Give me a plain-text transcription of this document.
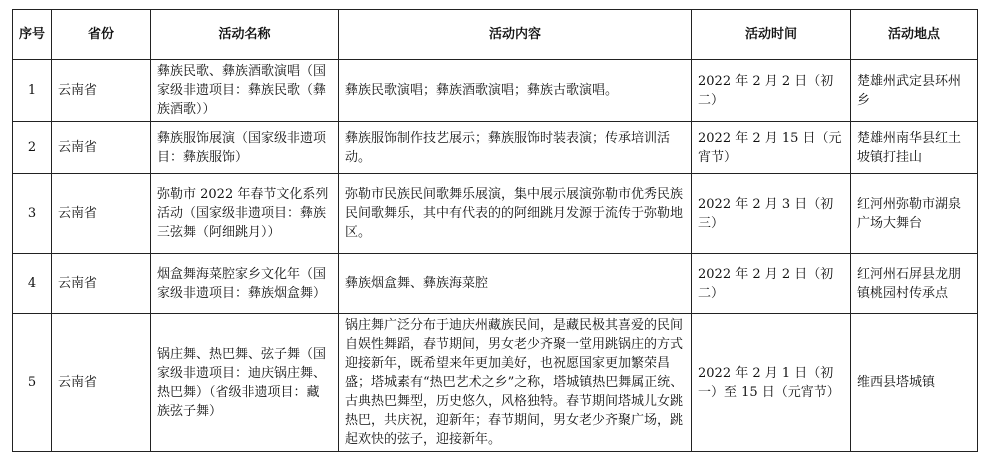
序号	省份	活动名称	活动内容	活动时间	活动地点
1	云南省	彝族民歌、彝族酒歌演唱（国家级非遗项目：彝族民歌（彝族酒歌））	彝族民歌演唱；彝族酒歌演唱；彝族古歌演唱。	2022 年 2 月 2 日（初二）	楚雄州武定县环州乡
2	云南省	彝族服饰展演（国家级非遗项目：彝族服饰）	彝族服饰制作技艺展示；彝族服饰时装表演；传承培训活动。	2022 年 2 月 15 日（元宵节）	楚雄州南华县红土坡镇打挂山
3	云南省	弥勒市 2022 年春节文化系列活动（国家级非遗项目：彝族三弦舞（阿细跳月））	弥勒市民族民间歌舞乐展演，集中展示展演弥勒市优秀民族民间歌舞乐，其中有代表的的阿细跳月发源于流传于弥勒地区。	2022 年 2 月 3 日（初三）	红河州弥勒市湖泉广场大舞台
4	云南省	烟盒舞海菜腔家乡文化年（国家级非遗项目：彝族烟盒舞）	彝族烟盒舞、彝族海菜腔	2022 年 2 月 2 日（初二）	红河州石屏县龙朋镇桃园村传承点
5	云南省	锅庄舞、热巴舞、弦子舞（国家级非遗项目：迪庆锅庄舞、热巴舞）（省级非遗项目：藏族弦子舞）	锅庄舞广泛分布于迪庆州藏族民间，是藏民极其喜爱的民间自娱性舞蹈，春节期间，男女老少齐聚一堂用跳锅庄的方式迎接新年，既希望来年更加美好，也祝愿国家更加繁荣昌盛；塔城素有“热巴艺术之乡”之称，塔城镇热巴舞属正统、古典热巴舞型，历史悠久，风格独特。春节期间塔城儿女跳热巴，共庆祝，迎新年；春节期间，男女老少齐聚广场，跳起欢快的弦子，迎接新年。	2022 年 2 月 1 日（初一）至 15 日（元宵节）	维西县塔城镇
